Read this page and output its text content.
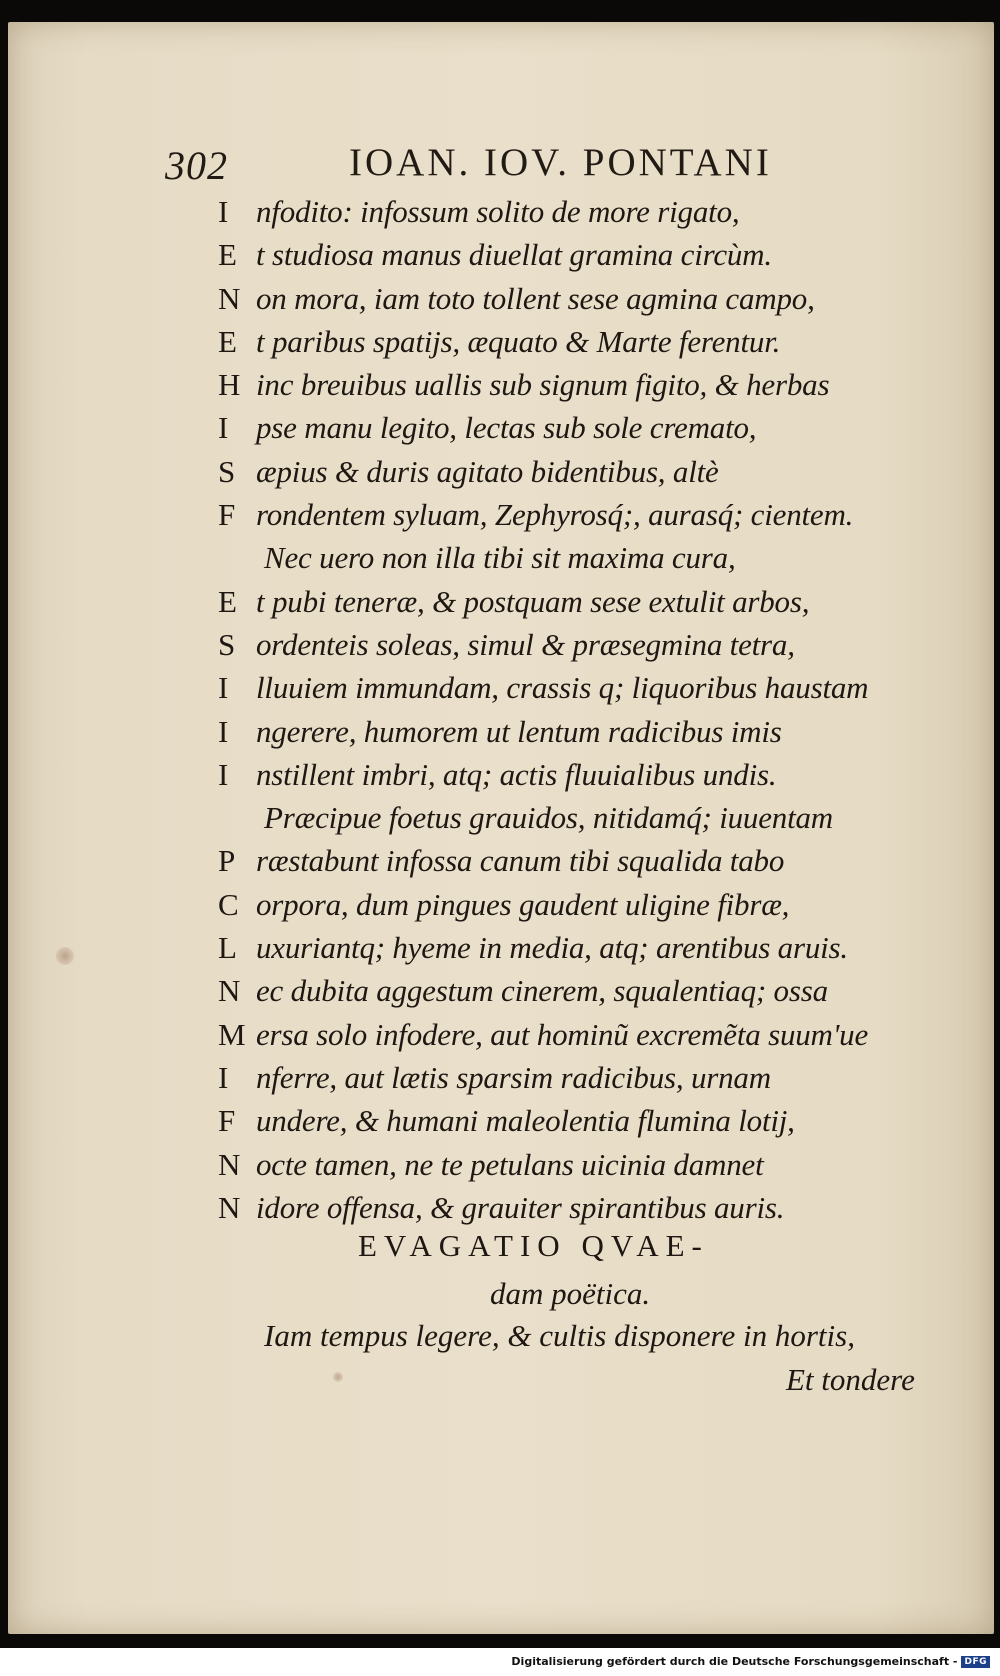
302	IOAN. IOV. PONTANI
I nfodito: infossum solito de more rigato,
E t studiosa manus diuellat gramina circùm.
N on mora, iam toto tollent sese agmina campo,
E t paribus spatijs, æquato & Marte ferentur.
H inc breuibus uallis sub signum figito, & herbas
I pse manu legito, lectas sub sole cremato,
S æpius & duris agitato bidentibus, altè
F rondentem syluam, Zephyrosq́;, aurasq́; cientem.
Nec uero non illa tibi sit maxima cura,
E t pubi teneræ, & postquam sese extulit arbos,
S ordenteis soleas, simul & præsegmina tetra,
I lluuiem immundam, crassis q; liquoribus haustam
I ngerere, humorem ut lentum radicibus imis
I nstillent imbri, atq; actis fluuialibus undis.
Præcipue foetus grauidos, nitidamq́; iuuentam
P ræstabunt infossa canum tibi squalida tabo
C orpora, dum pingues gaudent uligine fibræ,
L uxuriantq; hyeme in media, atq; arentibus aruis.
N ec dubita aggestum cinerem, squalentiaq; ossa
M ersa solo infodere, aut hominũ excremẽta suum'ue
I nferre, aut lætis sparsim radicibus, urnam
F undere, & humani maleolentia flumina lotij,
N octe tamen, ne te petulans uicinia damnet
N idore offensa, & grauiter spirantibus auris.
EVAGATIO QVAE-
dam poëtica.
Iam tempus legere, & cultis disponere in hortis,
Et tondere
Digitalisierung gefördert durch die Deutsche Forschungsgemeinschaft - DFG
